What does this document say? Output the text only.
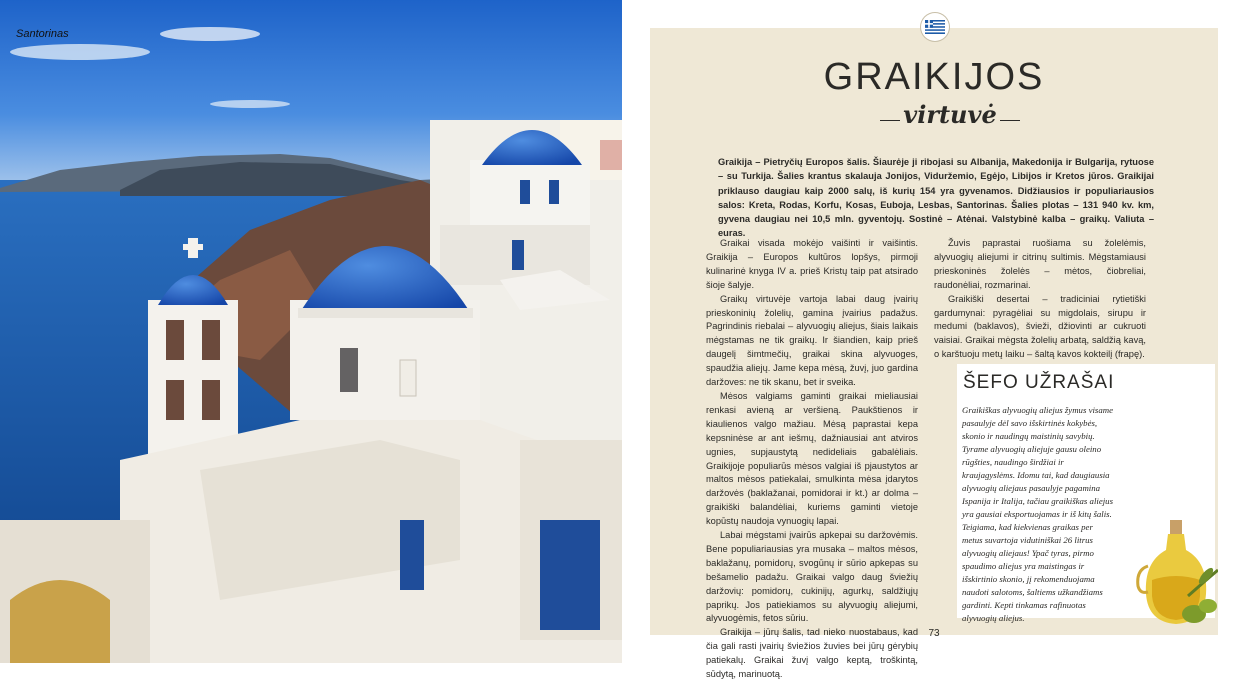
Santorinas
GRAIKIJOS
virtuvė
Graikija – Pietryčių Europos šalis. Šiaurėje ji ribojasi su Albanija, Makedonija ir Bulgarija, rytuose – su Turkija. Šalies krantus skalauja Jonijos, Viduržemio, Egėjo, Libijos ir Kretos jūros. Graikijai priklauso daugiau kaip 2000 salų, iš kurių 154 yra gyvenamos. Didžiausios ir populiariausios salos: Kreta, Rodas, Korfu, Kosas, Euboja, Lesbas, Santorinas. Šalies plotas – 131 940 kv. km, gyvena daugiau nei 10,5 mln. gyventojų. Sostinė – Atėnai. Valstybinė kalba – graikų. Valiuta – euras.

Graikai visada mokėjo vaišinti ir vaišintis. Graikija – Europos kultūros lopšys, pirmoji kulinarinė knyga IV a. prieš Kristų taip pat atsirado šioje šalyje.

Graikų virtuvėje vartoja labai daug įvairių prieskoninių žolelių, gamina įvairius padažus. Pagrindinis riebalai – alyvuogių aliejus, šiais laikais mėgstamas ne tik graikų. Ir šiandien, kaip prieš daugelį šimtmečių, graikai skina alyvuoges, spaudžia aliejų. Jame kepa mėsą, žuvį, juo gardina daržoves: ne tik skanu, bet ir sveika.

Mėsos valgiams gaminti graikai mieliausiai renkasi avieną ar veršieną. Paukštienos ir kiaulienos valgo mažiau. Mėsą paprastai kepa kepsninėse ar ant iešmų, dažniausiai ant atviros ugnies, supjaustytą nedideliais gabalėliais. Graikijoje populiarūs mėsos valgiai iš pjaustytos ar maltos mėsos patiekalai, smulkinta mėsa įdarytos daržovės (baklažanai, pomidorai ir kt.) ar dolma – graikiški balandėliai, kuriems gaminti vietoje kopūstų naudoja vynuogių lapai.

Labai mėgstami įvairūs apkepai su daržovėmis. Bene populiariausias yra musaka – maltos mėsos, baklažanų, pomidorų, svogūnų ir sūrio apkepas su bešamelio padažu. Graikai valgo daug šviežių daržovių: pomidorų, cukinijų, agurkų, saldžiųjų paprikų. Jos patiekiamos su alyvuogių aliejumi, alyvuogėmis, fetos sūriu.

Graikija – jūrų šalis, tad nieko nuostabaus, kad čia gali rasti įvairių šviežios žuvies bei jūrų gėrybių patiekalų. Graikai žuvį valgo keptą, troškintą, sūdytą, marinuotą.

Žuvis paprastai ruošiama su žolelėmis, alyvuogių aliejumi ir citrinų sultimis. Mėgstamiausi prieskoninės žolelės – mėtos, čiobreliai, raudonėliai, rozmarinai.

Graikiški desertai – tradiciniai rytietiški gardumynai: pyragėliai su migdolais, sirupu ir medumi (baklavos), švieži, džiovinti ar cukruoti vaisiai. Graikai mėgsta žolelių arbatą, saldžią kavą, o karštuoju metų laiku – šaltą kavos kokteilį (frapę).

ŠEFO UŽRAŠAI
Graikiškas alyvuogių aliejus žymus visame pasaulyje dėl savo išskirtinės kokybės, skonio ir naudingų maistinių savybių. Tyrame alyvuogių aliejuje gausu oleino rūgšties, naudingo širdžiai ir kraujagyslėms. Idomu tai, kad daugiausia alyvuogių aliejaus pasaulyje pagamina Ispanija ir Italija, tačiau graikiškas aliejus yra gausiai eksportuojamas ir iš kitų šalis. Teigiama, kad kiekvienas graikas per metus suvartoja vidutiniškai 26 litrus alyvuogių aliejaus! Ypač tyras, pirmo spaudimo aliejus yra maistingas ir išskirtinio skonio, jį rekomenduojama naudoti salotoms, šaltiems užkandžiams gardinti. Kepti tinkamas rafinuotas alyvuogių aliejus.
73
